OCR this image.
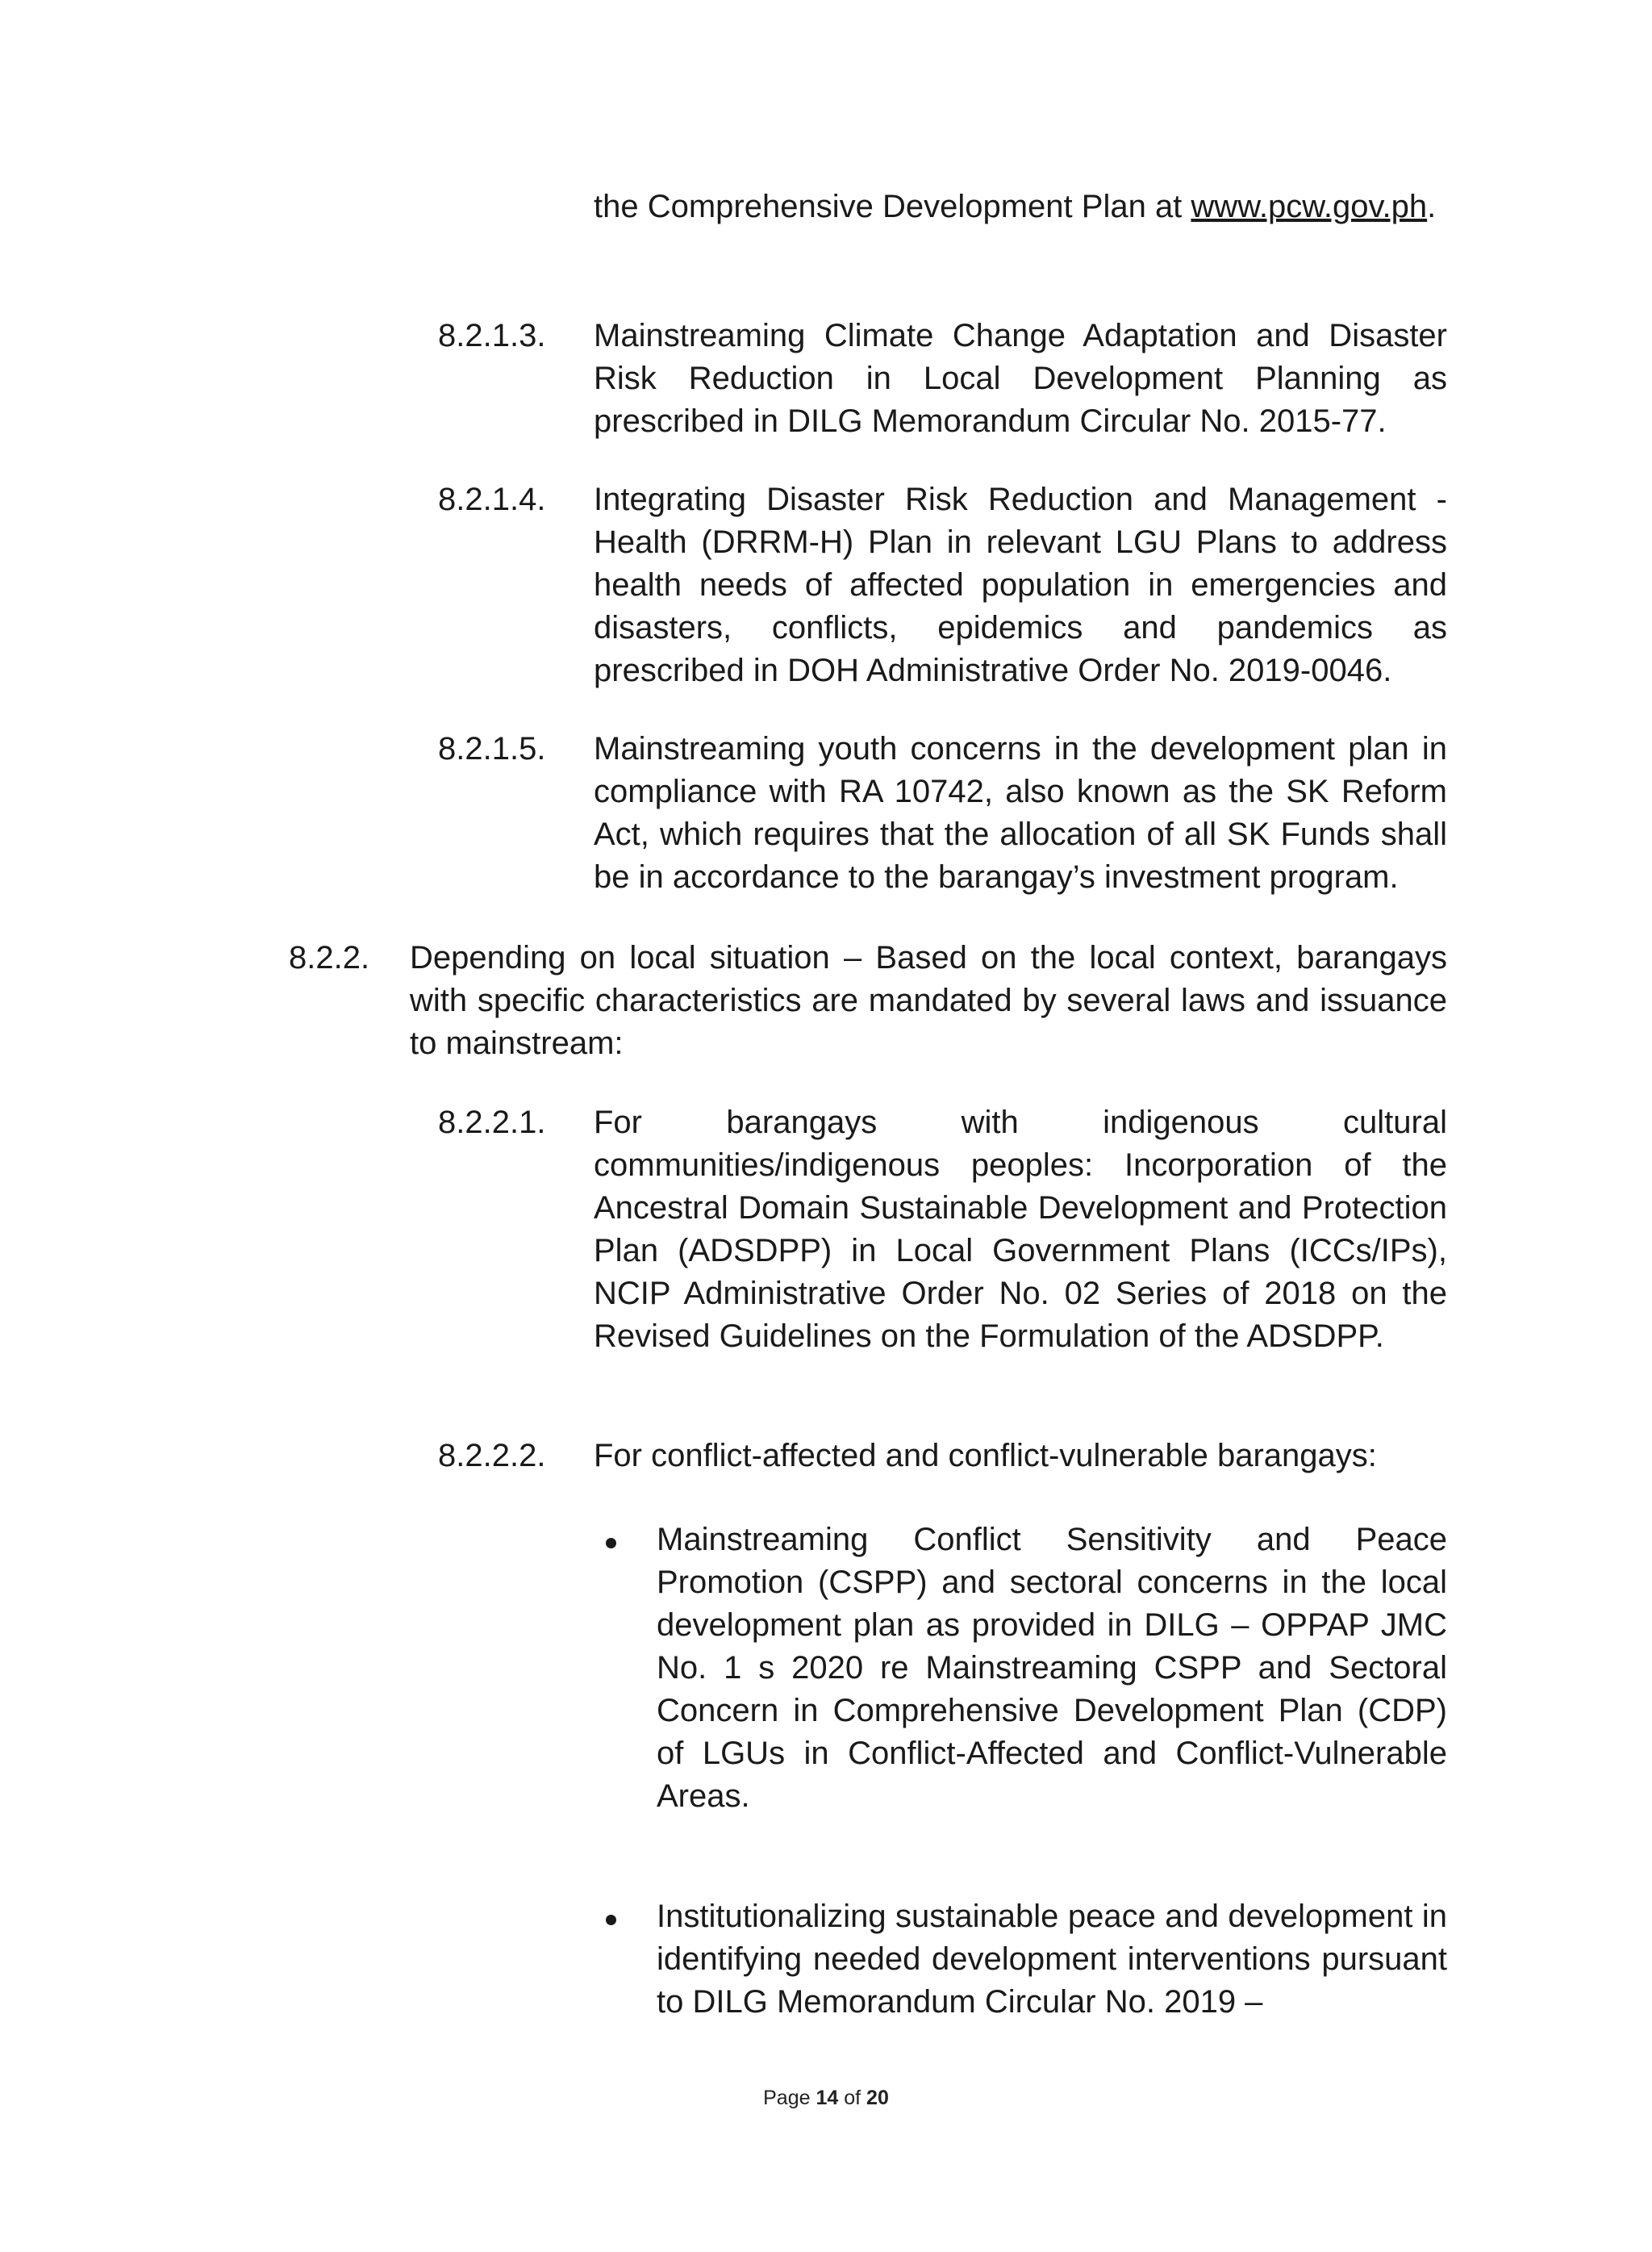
the Comprehensive Development Plan at www.pcw.gov.ph.
8.2.1.3. Mainstreaming Climate Change Adaptation and Disaster Risk Reduction in Local Development Planning as prescribed in DILG Memorandum Circular No. 2015-77.
8.2.1.4. Integrating Disaster Risk Reduction and Management - Health (DRRM-H) Plan in relevant LGU Plans to address health needs of affected population in emergencies and disasters, conflicts, epidemics and pandemics as prescribed in DOH Administrative Order No. 2019-0046.
8.2.1.5. Mainstreaming youth concerns in the development plan in compliance with RA 10742, also known as the SK Reform Act, which requires that the allocation of all SK Funds shall be in accordance to the barangay’s investment program.
8.2.2. Depending on local situation – Based on the local context, barangays with specific characteristics are mandated by several laws and issuance to mainstream:
8.2.2.1. For barangays with indigenous cultural communities/indigenous peoples: Incorporation of the Ancestral Domain Sustainable Development and Protection Plan (ADSDPP) in Local Government Plans (ICCs/IPs), NCIP Administrative Order No. 02 Series of 2018 on the Revised Guidelines on the Formulation of the ADSDPP.
8.2.2.2. For conflict-affected and conflict-vulnerable barangays:
Mainstreaming Conflict Sensitivity and Peace Promotion (CSPP) and sectoral concerns in the local development plan as provided in DILG – OPPAP JMC No. 1 s 2020 re Mainstreaming CSPP and Sectoral Concern in Comprehensive Development Plan (CDP) of LGUs in Conflict-Affected and Conflict-Vulnerable Areas.
Institutionalizing sustainable peace and development in identifying needed development interventions pursuant to DILG Memorandum Circular No. 2019 –
Page 14 of 20
